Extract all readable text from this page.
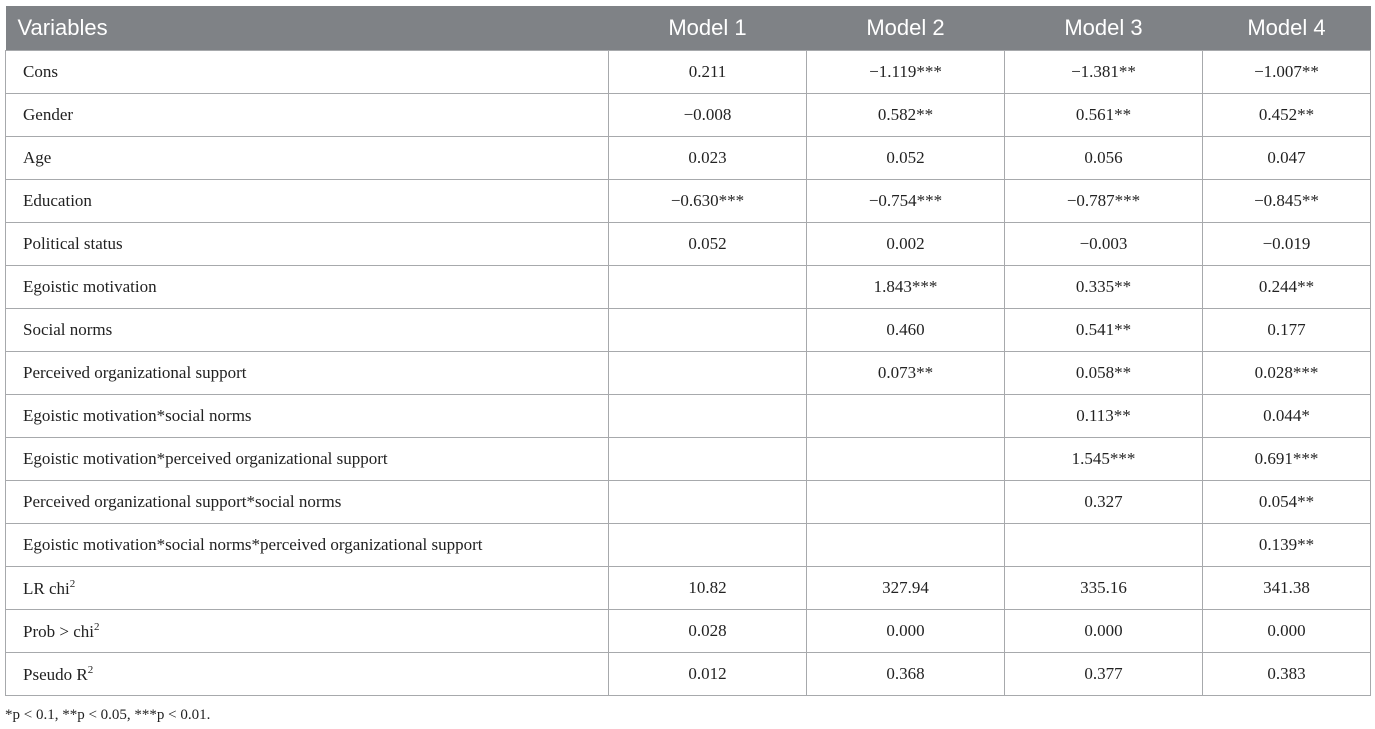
Variables	Model 1	Model 2	Model 3	Model 4
Cons	0.211	−1.119***	−1.381**	−1.007**
Gender	−0.008	0.582**	0.561**	0.452**
Age	0.023	0.052	0.056	0.047
Education	−0.630***	−0.754***	−0.787***	−0.845**
Political status	0.052	0.002	−0.003	−0.019
Egoistic motivation		1.843***	0.335**	0.244**
Social norms		0.460	0.541**	0.177
Perceived organizational support		0.073**	0.058**	0.028***
Egoistic motivation*social norms			0.113**	0.044*
Egoistic motivation*perceived organizational support			1.545***	0.691***
Perceived organizational support*social norms			0.327	0.054**
Egoistic motivation*social norms*perceived organizational support				0.139**
LR chi$^2$	10.82	327.94	335.16	341.38
Prob > chi$^2$	0.028	0.000	0.000	0.000
Pseudo $R^2$	0.012	0.368	0.377	0.383
*p < 0.1, **p < 0.05, ***p < 0.01.
